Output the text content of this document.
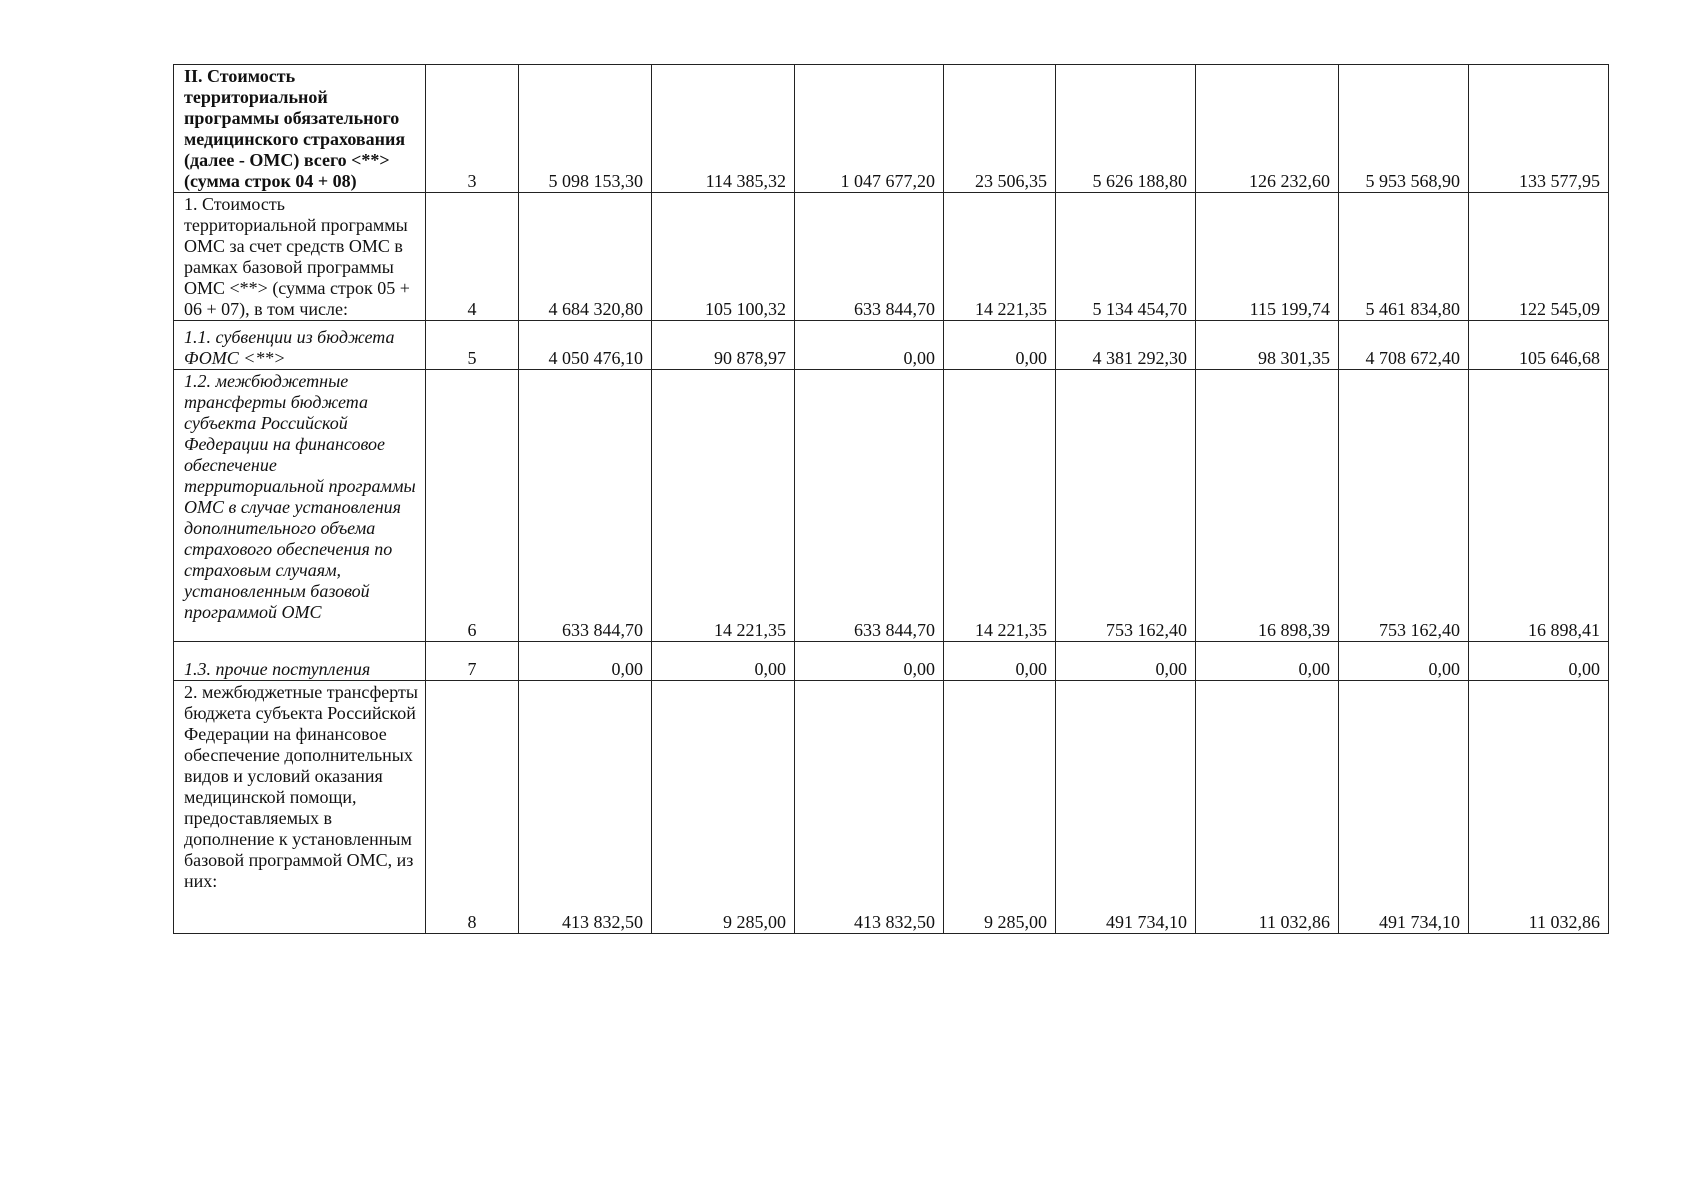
II. Стоимость территориальной программы обязательного медицинского страхования (далее - ОМС) всего <**> (сумма строк 04 + 08)	3	5 098 153,30	114 385,32	1 047 677,20	23 506,35	5 626 188,80	126 232,60	5 953 568,90	133 577,95

1. Стоимость территориальной программы ОМС за счет средств ОМС в рамках базовой программы ОМС <**> (сумма строк 05 + 06 + 07), в том числе:	4	4 684 320,80	105 100,32	633 844,70	14 221,35	5 134 454,70	115 199,74	5 461 834,80	122 545,09

1.1. субвенции из бюджета ФОМС <**>	5	4 050 476,10	90 878,97	0,00	0,00	4 381 292,30	98 301,35	4 708 672,40	105 646,68

1.2. межбюджетные трансферты бюджета субъекта Российской Федерации на финансовое обеспечение территориальной программы ОМС в случае установления дополнительного объема страхового обеспечения по страховым случаям, установленным базовой программой ОМС	6	633 844,70	14 221,35	633 844,70	14 221,35	753 162,40	16 898,39	753 162,40	16 898,41

1.3. прочие поступления	7	0,00	0,00	0,00	0,00	0,00	0,00	0,00	0,00

2. межбюджетные трансферты бюджета субъекта Российской Федерации на финансовое обеспечение дополнительных видов и условий оказания медицинской помощи, предоставляемых в дополнение к установленным базовой программой ОМС, из них:	8	413 832,50	9 285,00	413 832,50	9 285,00	491 734,10	11 032,86	491 734,10	11 032,86
